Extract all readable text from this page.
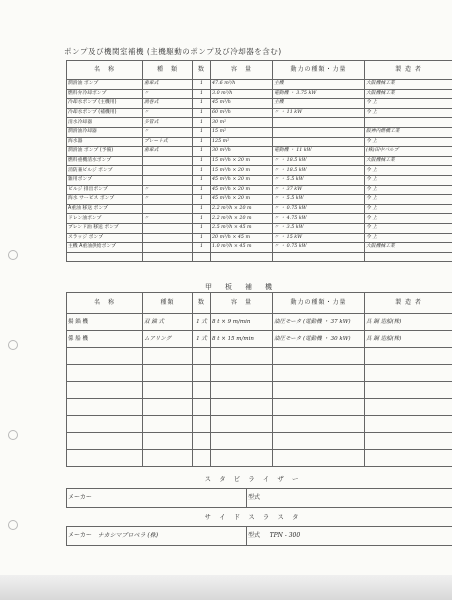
ポンプ及び機関室補機 (主機駆動のポンプ及び冷却器を含む)
名　称	種　類	数	容　量	動力の種類・力量	製 造 者
潤滑油 ポンプ	歯車式	1	47.6 m³/h	主機	大阪機械工業
燃料弁冷却ポンプ	〃	1	3.0 m³/h	電動機 ・ 3.75 kW	大阪機械工業
冷却水ポンプ (主機用)	渦巻式	1	45 m³/h	主機	今 上
冷却水ポンプ (補機用)	〃	1	60 m³/h	〃 ・ 11 kW	今 上
清水冷却器	多管式	1	30 m²		
潤滑油冷却器	〃	1	15 m²		阪神内燃機工業
海水器	プレート式	1	125 m²		今 上
潤滑油 ポンプ (予備)	歯車式	1	30 m³/h	電動機 ・ 11 kW	(株)田中バルブ
燃料重機清水ポンプ		1	15 m³/h × 20 m	〃 ・ 18.5 kW	大阪機械工業
消防兼ビルジ ポンプ		1	15 m³/h × 20 m	〃 ・ 18.5 kW	今 上
雑用ポンプ		1	45 m³/h × 20 m	〃 ・ 5.5 kW	今 上
ビルジ 排出ポンプ	〃	1	45 m³/h × 20 m	〃 ・ 37 kW	今 上
海水 サービス ポンプ	〃	1	45 m³/h × 20 m	〃 ・ 5.5 kW	今 上
A重油 移送 ポンプ		1	2.2 m³/h × 20 m	〃 ・ 0.75 kW	今 上
ドレン油ポンプ	〃	1	2.2 m³/h × 20 m	〃 ・ 4.75 kW	今 上
ブレンド油 移送 ポンプ		1	2.5 m³/h × 45 m	〃 ・ 3.5 kW	今 上
スラッジ ポンプ		1	20 m³/h × 45 m	〃 ・ 15 kW	今 上
主機 A重油供給ポンプ		1	1.0 m³/h × 45 m	〃 ・ 0.75 kW	大阪機械工業

甲　板　補　機
名　称	種類	数	容　量	動力の種類・力量	製 造 者
揚 錨 機	双 錨 式	1 式	8 t × 9 m/min	油圧モータ (電動機 ・ 37 kW)	具 鋼 造船(株)
係 船 機	ムアリング	1 式	8 t × 15 m/min	油圧モータ (電動機 ・ 30 kW)	具 鋼 造船(株)

ス タ ビ ラ イ ザ ー
メーカー	型式
サ イ ド ス ラ ス タ
メーカー ナカシマプロペラ (株)	型式 TPN - 300
